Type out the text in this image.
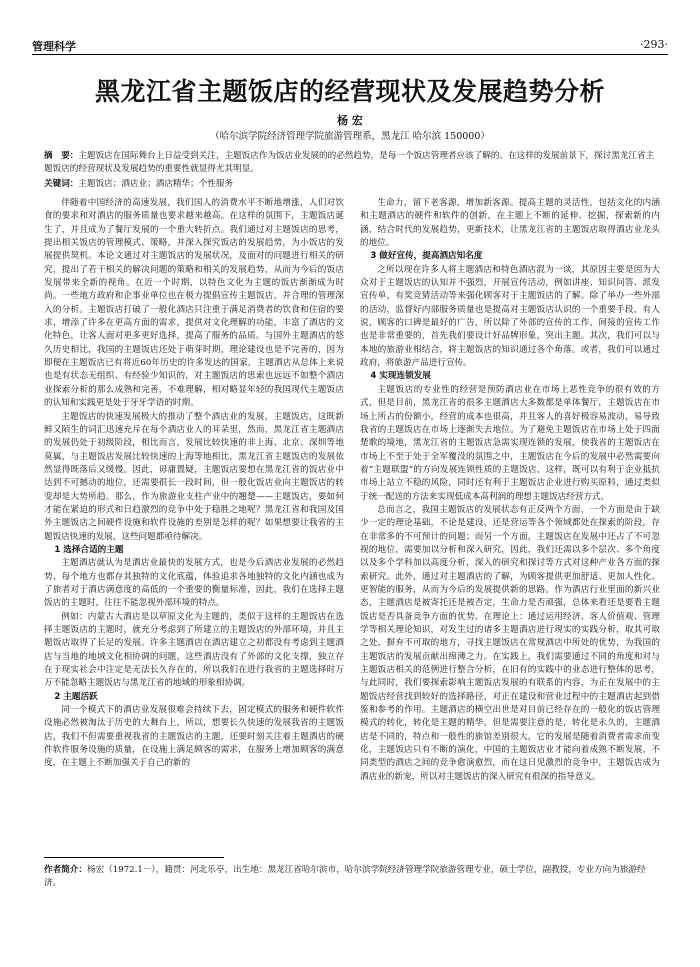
管理科学	·293·
黑龙江省主题饭店的经营现状及发展趋势分析
杨 宏
（哈尔滨学院经济管理学院旅游管理系，黑龙江 哈尔滨 150000）
摘　要：主题饭店在国际舞台上日益受到关注，主题饭店作为饭店业发展的的必然趋势，是每一个饭店管理者应该了解的。在这样的发展前景下，探讨黑龙江省主题饭店的经营现状及发展趋势的重要性就显得尤其明显。
关键词：主题饭店；酒店业；酒店精华；个性服务

伴随着中国经济的高速发展，我们国人的消费水平不断地增涨，人们对饮食的要求和对酒店的服务质量也要求越来越高。在这样的氛围下，主题饭店诞生了，并且成为了餐厅发展的一个重大转折点。我们通过对主题饭店的思考，提出相关饭店的管理模式、策略，并深入探究饭店的发展趋势，为小饭店的发展提供契机。本论文通过对主题饭店的发展状况，及面对的问题进行相关的研究，提出了若干相关的解决问题的策略和相关的发展趋势，从而为今后的饭店发展带来全新的视角。在近一个时期，以特色文化为主题的饭店渐渐成为时尚。一些地方政府和企事业单位也在极力提倡宣传主题饭店，并合理的管理深入的分析。主题饭店打破了一般化酒店只注重于满足消费者的饮食和住宿的要求，增添了许多在更高方面的需求，提供对文化理解的功能，丰富了酒店的文化特色，让客人面对更多更好选择，提高了服务的品质。与国外主题酒店的悠久历史相比，我国的主题饭店还处于萌芽时期，理论建设也是不完善的，因为即便在主题饭店已有将近60年历史的许多发达的国家，主题酒店从总体上来说也是有状态无组织、有经验少知识的，对主题饭店的思索也远远不如整个酒店业探索分析的那么成熟和完善，不难理解，相对略显年轻的我国现代主题饭店的认知和实践更是处于牙牙学语的时期。

主题饭店的快速发展极大的推动了整个酒店业的发展，主题饭店，这既新鲜又陌生的词汇迅速充斥在每个酒店业人的耳朵里，然而，黑龙江省主题酒店的发展仍处于初级阶段，相比而言，发展比较快速的非上海、北京、深圳等地莫属，与主题饭店发展比较快速的上海等地相比，黑龙江省主题饭店的发展依然显得既落后又缓慢。因此，毋庸置疑，主题饭店要想在黑龙江省的饭店业中达到不可撼动的地位，还需要很长一段时间，但一般化饭店业向主题饭店的转变却是大势所趋。那么，作为旅游业支柱产业中的翘楚——主题饭店，要如何才能在紧迫的形式和日趋激烈的竞争中处于稳胜之地呢？黑龙江省和我国及国外主题饭店之间硬件设施和软件设施的差别是怎样的呢？如果想要让我省的主题饭店快速的发展，这些问题都亟待解决。

1 选择合适的主题

主题酒店就认为是酒店业最快的发展方式，也是今后酒店业发展的必然趋势，每个地方也都存其独特的文化底蕴，体验追求各地独特的文化内涵也成为了旅者对于酒店满意度的高低的一个重要的衡量标准，因此，我们在选择主题饭店的主题时，往往不能忽视外部环境的特点。

例如：内蒙古大酒店是以草原文化为主题的，类似于这样的主题饭店在选择主题饭店的主题时，就充分考虑到了所建立的主题饭店的外部环境，并且主题饭店取得了长足的发展。许多主题酒店在酒店建立之初都没有考虑到主题酒店与当地的地域文化相协调的问题，这些酒店没有了外部的文化支撑，独立存在于现实社会中注定是无法长久存在的，所以我们在进行我省的主题选择时万万不能忽略主题饭店与黑龙江省的地域的形象相协调。

2 主题活跃

同一个模式下的酒店业发展很难会持续下去，固定模式的服务和硬件软件设施必然被淘汰于历史的大舞台上，所以，想要长久快速的发展我省的主题饭店，我们不但需要重视我省的主题饭店的主题，还要时刻关注着主题酒店的硬件软件服务设施的质量，在设施上满足顾客的需求，在服务上增加顾客的满意度，在主题上不断加强关于自己的新的

生命力，留下老客源，增加新客源。提高主题的灵活性，包括文化的内涵和主题酒店的硬件和软件的创新，在主题上不断的延伸、挖掘，探索新的内涵，结合时代的发展趋势，更新技术，让黑龙江省的主题饭店取得酒店业龙头的地位。

3 做好宣传，提高酒店知名度

之所以现在许多人将主题酒店和特色酒店混为一谈，其原因主要是因为大众对于主题饭店的认知并不强烈，开展宣传活动，例如讲座、知识问答、派发宣传单，有奖竞猜活动等来强化顾客对于主题饭店的了解。除了举办一些外部的活动，监督好内部服务质量也是提高对主题饭店认识的一个重要手段，有人说，顾客的口碑是最好的广告，所以除了外部的宣传的工作，间接的宣传工作也是非常重要的，首先我们要设计好品牌形象，突出主题。其次，我们可以与本地的旅游业相结合，将主题饭店的知识通过各个角落。或者，我们可以通过政府，将旅游产品进行宣传。

4 实现连锁发展

主题饭店的专业性的经营是预防酒店业在市场上恶性竞争的很有效的方式，但是目前，黑龙江省的很多主题酒店大多数都是单体餐厅，主题饭店在市场上所占的份额小，经营的成本也很高，并且客人的喜好极容易波动，易导致我省的主题饭店在市场上逐渐失去地位。为了避免主题饭店在市场上处于四面楚歌的境地，黑龙江省的主题饭店急需实现连锁的发展，使我省的主题饭店在市场上不至于处于全军覆没的氛围之中，主题饭店在今后的发展中必然需要向着“主题联盟”的方向发展连锁性质的主题饭店，这样，既可以有利于企业抵抗市场上站立不稳的风险，同时还有利于主题饭店企业进行购买原料，通过类似于统一配送的方法来实现低成本高利润的理想主题饭店经营方式。

总而言之，我国主题饭店的发展状态有正反两个方面，一个方面是由于缺少一定的理论基础，不论是建设，还是营运等各个领域都处在探索的阶段，存在非常多的不可预计的问题；而另一个方面，主题饭店在发展中还占了不可忽视的地位，需要加以分析和深入研究，因此，我们还需以多个层次、多个角度以及多个学科加以高度分析，深入的研究和探讨等方式对这种产业各方面的探索研究。此外，通过对主题酒店的了解，为顾客提供更加舒适、更加人性化、更智能的服务，从而为今后的发展提供新的思路。作为酒店行业里面的新兴业态，主题酒店是被寄托还是被否定，生命力是否顽强，总体来看还是要看主题饭店是否具备竞争方面的优势。在理论上：通过运用经济、客人价值观、管理学等相关理论知识，对发生过的诸多主题酒店进行现实的实践分析，取其可取之处，摒弃不可取的地方，寻找主题饭店在常规酒店中所处的优势，为我国的主题饭店的发展贡献出绵薄之力。在实践上，我们需要通过不同的角度和对与主题饭店相关的范例进行整合分析，在旧有的实践中的业态进行整体的思考，与此同时，我们要探索影响主题饭店发展的有联系的内容，为正在发展中的主题饭店经营找到较好的选择路径，对正在建设和营业过程中的主题酒店起到借鉴和参考的作用。主题酒店的横空出世是对目前已经存在的一般化的饭店管理模式的转化，转化是主题的精华，但是需要注意的是，转化是永久的，主题酒店是不同的，特点和一般性的旅馆差别很大，它的发展是随着消费者需求而变化，主题饭店只有不断的演化，中国的主题饭店业才能向着成熟不断发展，不同类型的酒店之间的竞争愈演愈烈，而在这日见激烈的竞争中，主题饭店成为酒店业的新宠，所以对主题饭店的深入研究有很深的指导意义。

作者简介：杨宏（1972.1－），籍贯：河北乐亭，出生地：黑龙江省哈尔滨市，哈尔滨学院经济管理学院旅游管理专业，硕士学位，副教授，专业方向为旅游经济。
